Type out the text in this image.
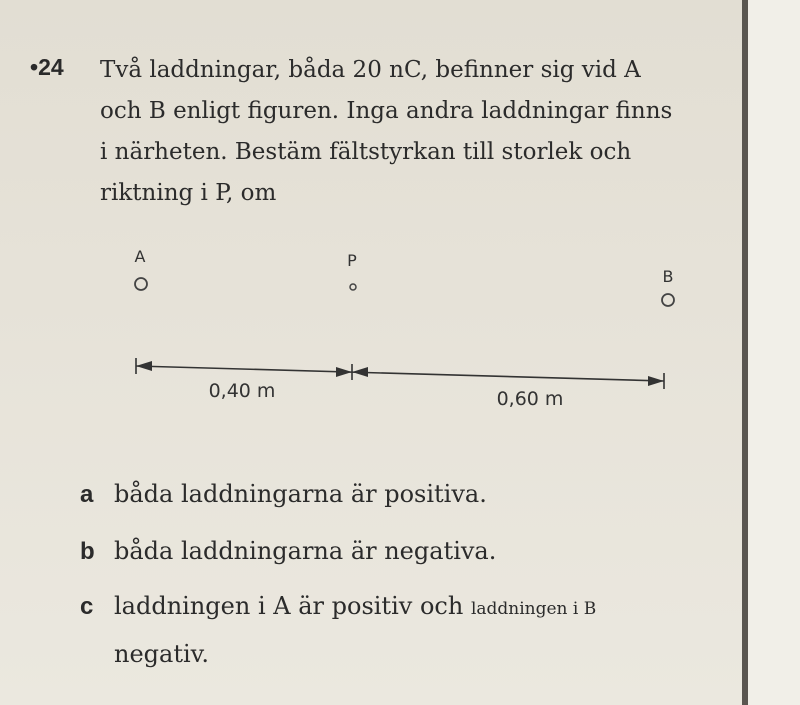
•24 Två laddningar, båda 20 nC, befinner sig vid A
och B enligt figuren. Inga andra laddningar finns
i närheten. Bestäm fältstyrkan till storlek och
riktning i P, om
A	P
B
0,40 m	0,60 m
a båda laddningarna är positiva.
b båda laddningarna är negativa.
c laddningen i A är positiv och laddningen i B
negativ.
